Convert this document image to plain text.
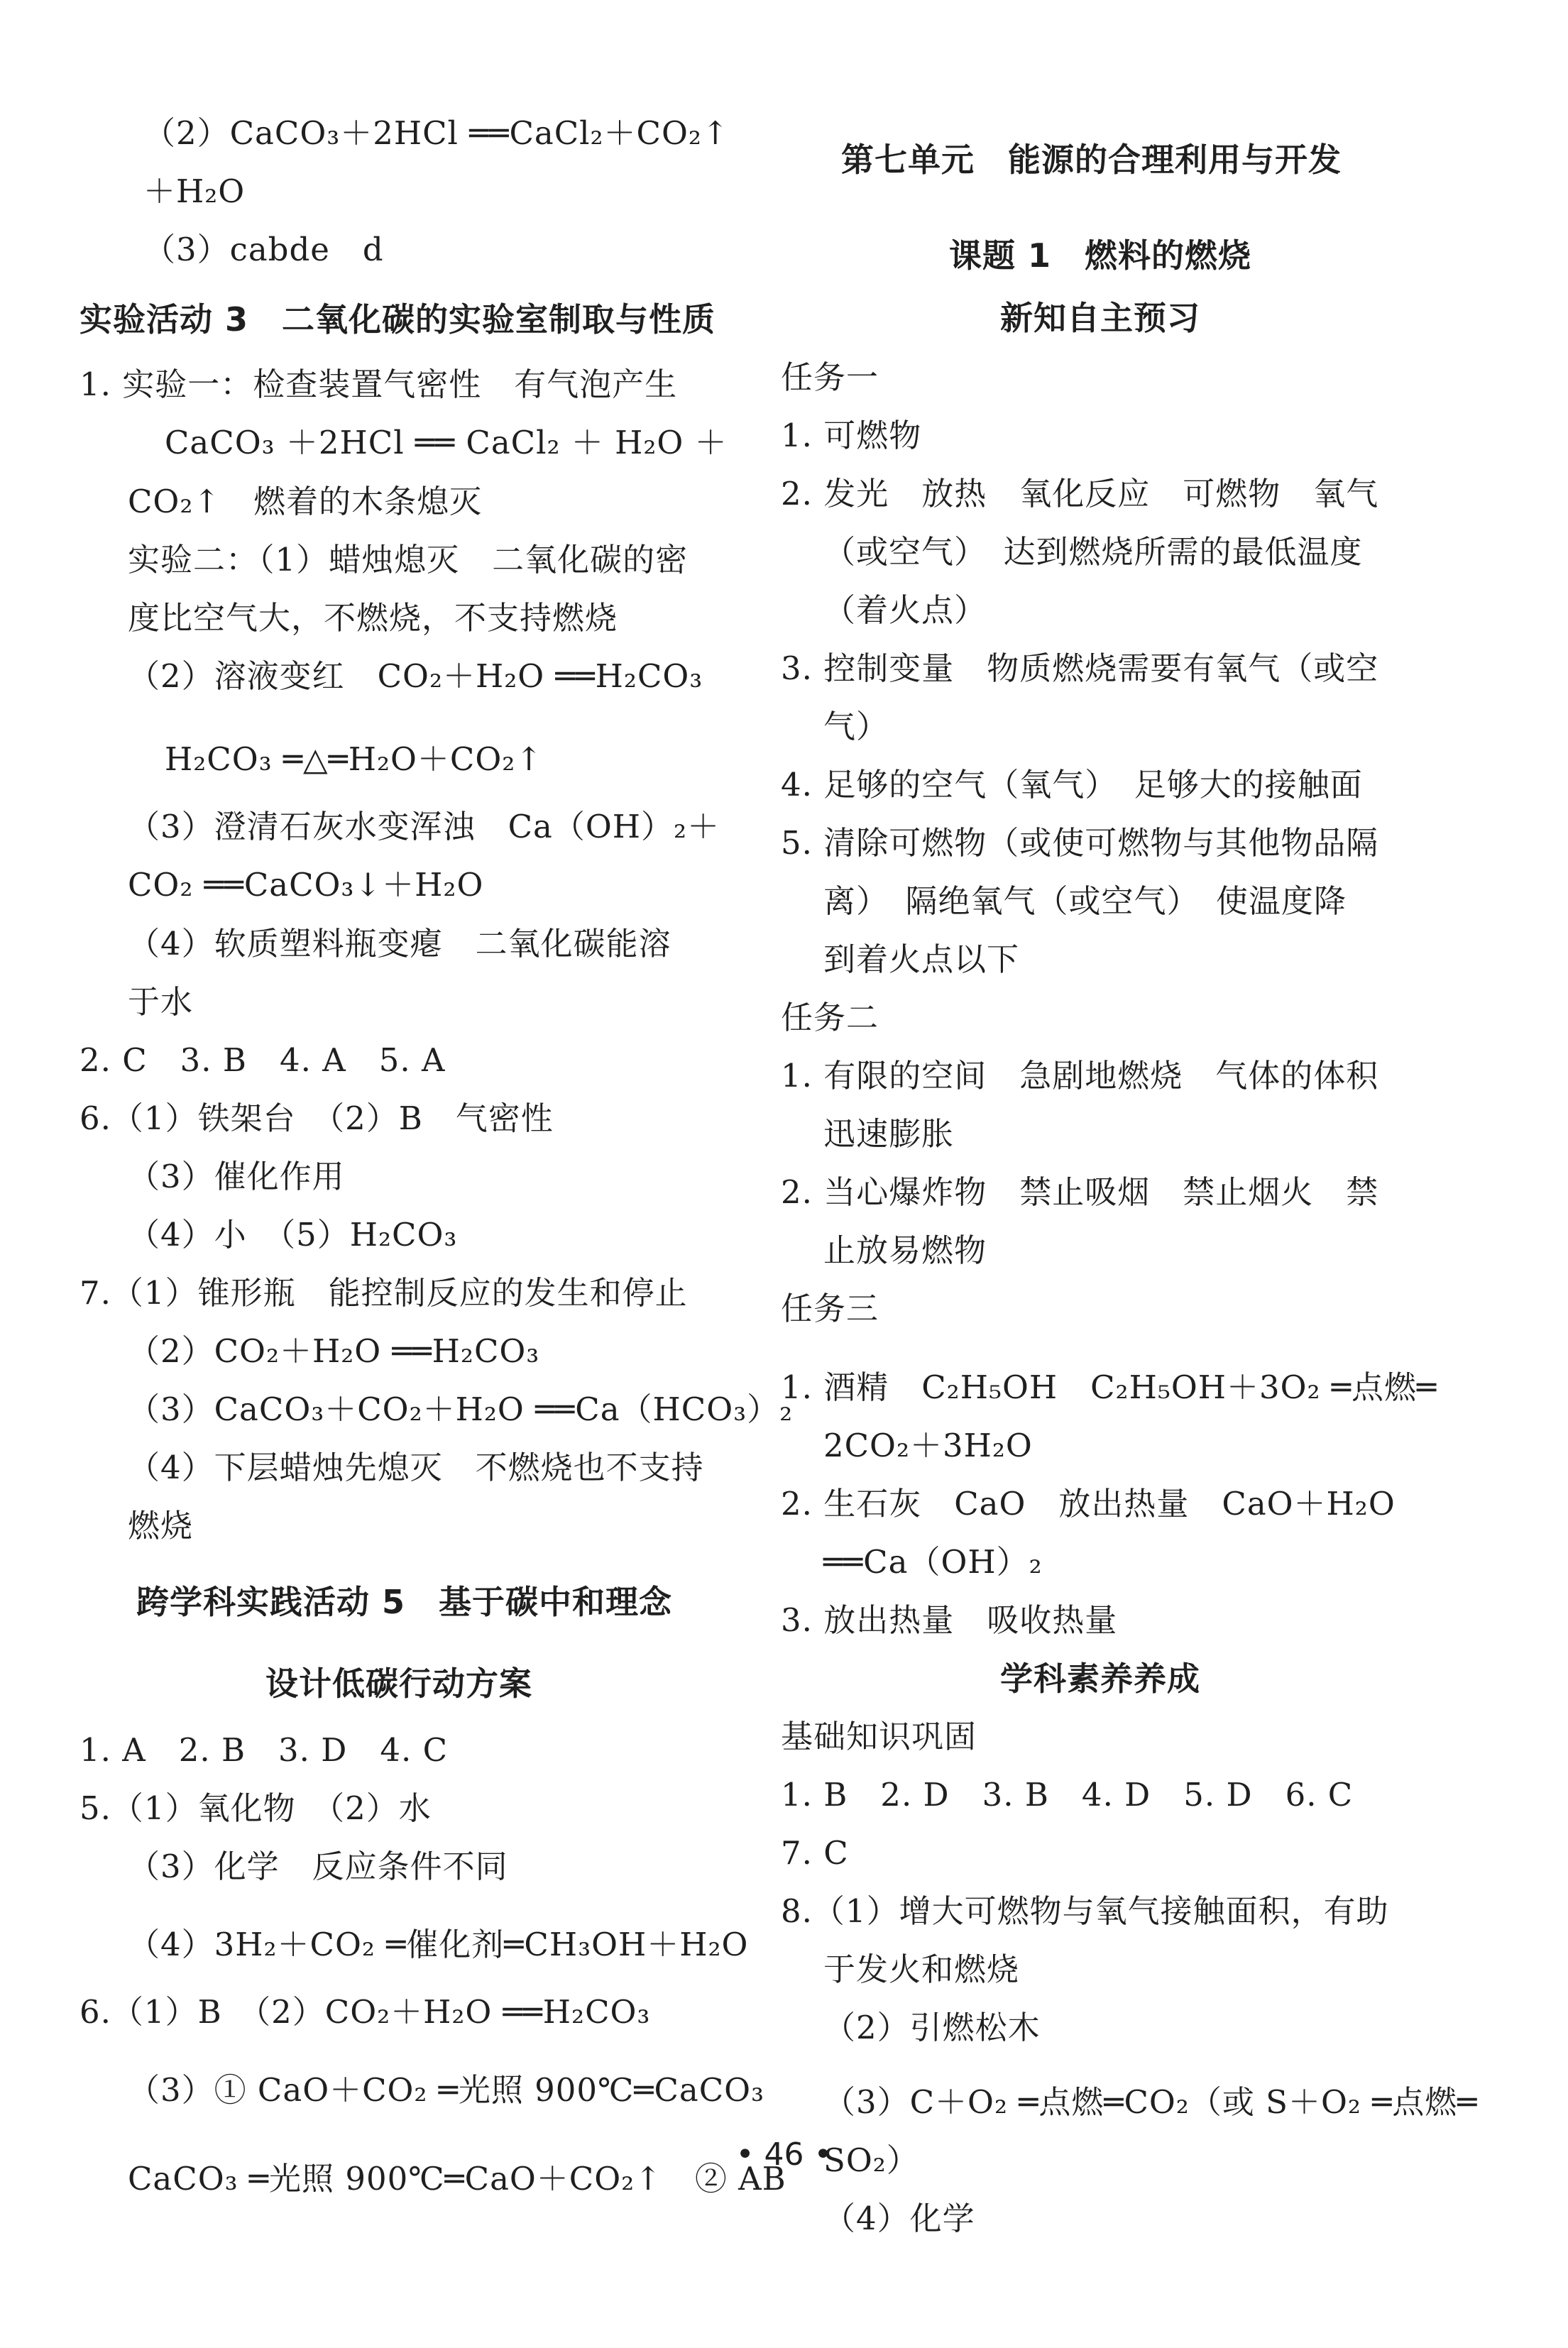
（2）CaCO₃＋2HCl ══CaCl₂＋CO₂↑
＋H₂O
（3）cabde　d
实验活动 3　二氧化碳的实验室制取与性质
1. 实验一：检查装置气密性　有气泡产生
CaCO₃ ＋2HCl ══ CaCl₂ ＋ H₂O ＋
CO₂↑　燃着的木条熄灭
实验二：（1）蜡烛熄灭　二氧化碳的密
度比空气大，不燃烧，不支持燃烧
（2）溶液变红　CO₂＋H₂O ══H₂CO₃
H₂CO₃ ═△═H₂O＋CO₂↑
（3）澄清石灰水变浑浊　Ca（OH）₂＋
CO₂ ══CaCO₃↓＋H₂O
（4）软质塑料瓶变瘪　二氧化碳能溶
于水
2. C　3. B　4. A　5. A
6.（1）铁架台　（2）B　气密性
（3）催化作用
（4）小　（5）H₂CO₃
7.（1）锥形瓶　能控制反应的发生和停止
（2）CO₂＋H₂O ══H₂CO₃
（3）CaCO₃＋CO₂＋H₂O ══Ca（HCO₃）₂
（4）下层蜡烛先熄灭　不燃烧也不支持
燃烧
跨学科实践活动 5　基于碳中和理念
设计低碳行动方案
1. A　2. B　3. D　4. C
5.（1）氧化物　（2）水
（3）化学　反应条件不同
（4）3H₂＋CO₂ ═催化剂═CH₃OH＋H₂O
6.（1）B　（2）CO₂＋H₂O ══H₂CO₃
（3）① CaO＋CO₂ ═光照 900℃═CaCO₃
CaCO₃ ═光照 900℃═CaO＋CO₂↑　② AB
第七单元　能源的合理利用与开发
课题 1　燃料的燃烧
新知自主预习
任务一
1. 可燃物
2. 发光　放热　氧化反应　可燃物　氧气
（或空气）　达到燃烧所需的最低温度
（着火点）
3. 控制变量　物质燃烧需要有氧气（或空
气）
4. 足够的空气（氧气）　足够大的接触面
5. 清除可燃物（或使可燃物与其他物品隔
离）　隔绝氧气（或空气）　使温度降
到着火点以下
任务二
1. 有限的空间　急剧地燃烧　气体的体积
迅速膨胀
2. 当心爆炸物　禁止吸烟　禁止烟火　禁
止放易燃物
任务三
1. 酒精　C₂H₅OH　C₂H₅OH＋3O₂ ═点燃═
2CO₂＋3H₂O
2. 生石灰　CaO　放出热量　CaO＋H₂O
══Ca（OH）₂
3. 放出热量　吸收热量
学科素养养成
基础知识巩固
1. B　2. D　3. B　4. D　5. D　6. C
7. C
8.（1）增大可燃物与氧气接触面积，有助
于发火和燃烧
（2）引燃松木
（3）C＋O₂ ═点燃═CO₂（或 S＋O₂ ═点燃═
SO₂）
（4）化学
• 46 •
